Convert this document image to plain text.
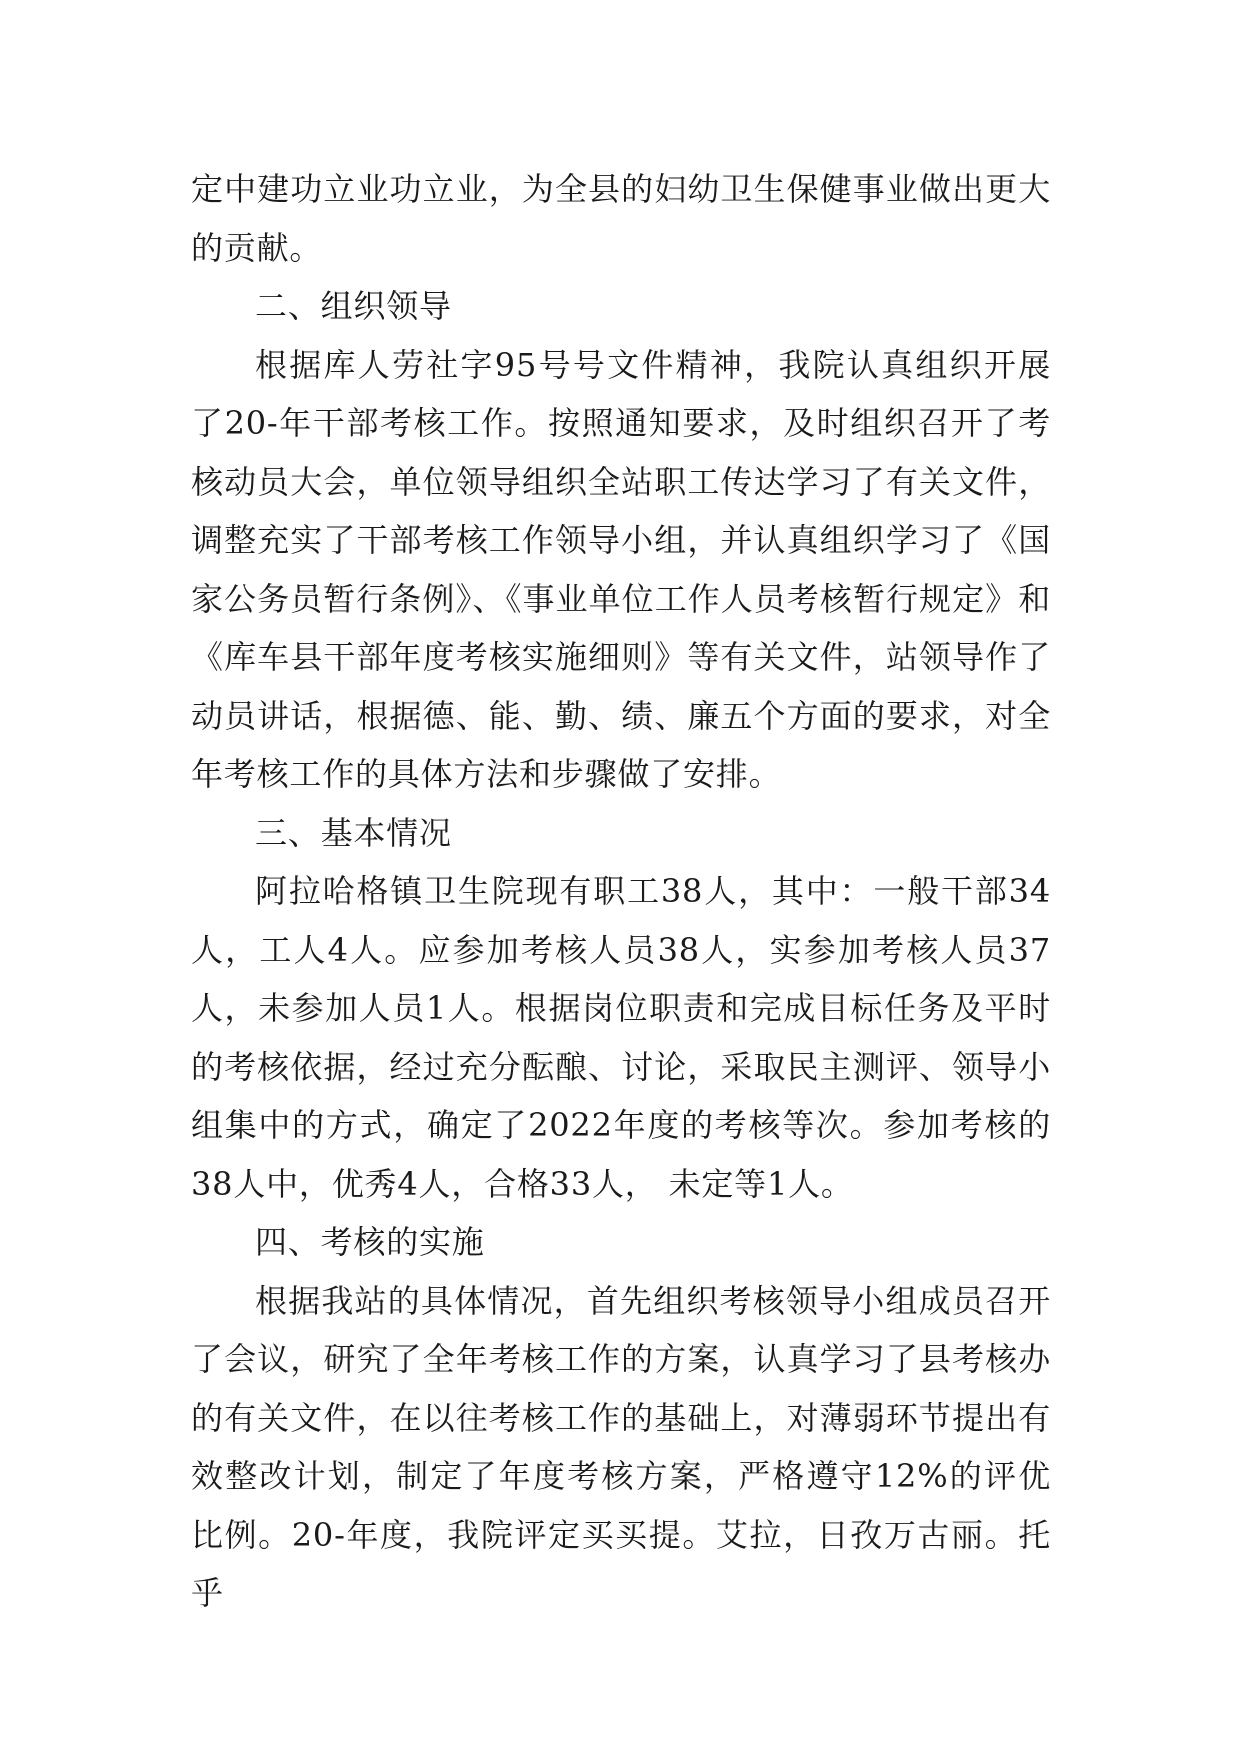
定中建功立业功立业，为全县的妇幼卫生保健事业做出更大的贡献。

二、组织领导

根据库人劳社字95号号文件精神，我院认真组织开展了20-年干部考核工作。按照通知要求，及时组织召开了考核动员大会，单位领导组织全站职工传达学习了有关文件，调整充实了干部考核工作领导小组，并认真组织学习了《国家公务员暂行条例》、《事业单位工作人员考核暂行规定》和《库车县干部年度考核实施细则》等有关文件，站领导作了动员讲话，根据德、能、勤、绩、廉五个方面的要求，对全年考核工作的具体方法和步骤做了安排。

三、基本情况

阿拉哈格镇卫生院现有职工38人，其中：一般干部34人，工人4人。应参加考核人员38人，实参加考核人员37人，未参加人员1人。根据岗位职责和完成目标任务及平时的考核依据，经过充分酝酿、讨论，采取民主测评、领导小组集中的方式，确定了2022年度的考核等次。参加考核的38人中，优秀4人，合格33人， 未定等1人。

四、考核的实施

根据我站的具体情况，首先组织考核领导小组成员召开了会议，研究了全年考核工作的方案，认真学习了县考核办的有关文件，在以往考核工作的基础上，对薄弱环节提出有效整改计划，制定了年度考核方案，严格遵守12%的评优比例。20-年度，我院评定买买提。艾拉，日孜万古丽。托乎
